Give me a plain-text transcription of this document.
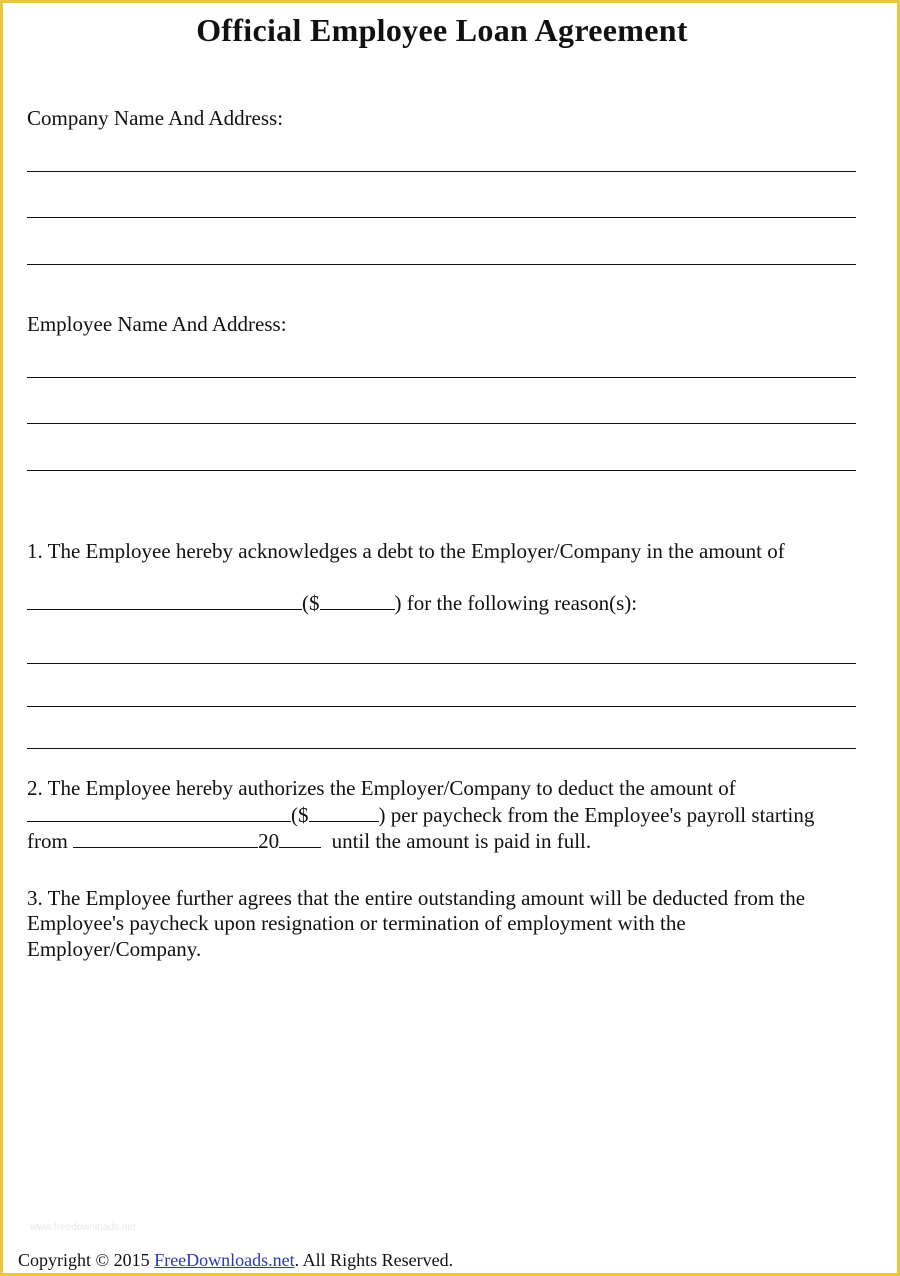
Official Employee Loan Agreement
Company Name And Address:
Employee Name And Address:
1. The Employee hereby acknowledges a debt to the Employer/Company in the amount of
($	) for the following reason(s):
2. The Employee hereby authorizes the Employer/Company to deduct the amount of
($	) per paycheck from the Employee's payroll starting
from	20	until the amount is paid in full.
3. The Employee further agrees that the entire outstanding amount will be deducted from the
Employee's paycheck upon resignation or termination of employment with the
Employer/Company.
www.freedownloads.net
Copyright © 2015 FreeDownloads.net. All Rights Reserved.
